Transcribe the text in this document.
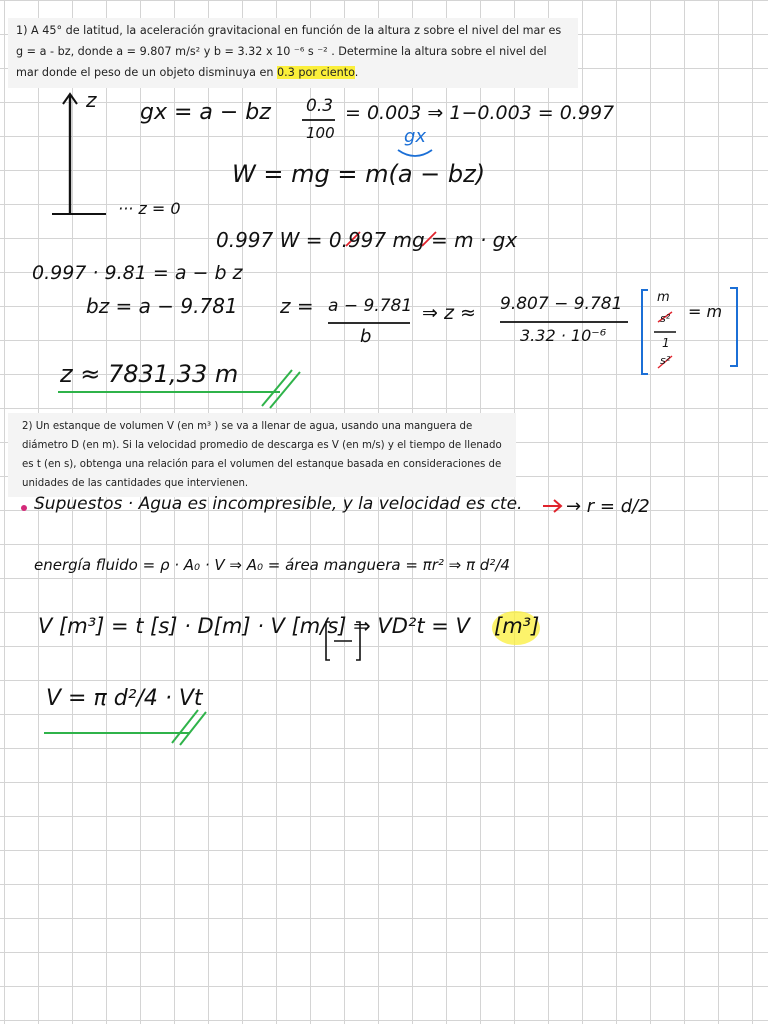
1) A 45° de latitud, la aceleración gravitacional en función de la altura z sobre el nivel del mar es g = a - bz, donde a = 9.807 m/s² y b = 3.32 x 10 ⁻⁶ s ⁻² . Determine la altura sobre el nivel del mar donde el peso de un objeto disminuya en 0.3 por ciento.
z
··· z = 0
gx = a − bz 0.3
100
= 0.003 ⇒ 1−0.003 = 0.997
gx
W = mg = m(a − bz)
0.997 W = 0.997 mg = m · gx
0.997 · 9.81 = a − b z
bz = a − 9.781 z = a − 9.781
b
⇒ z ≈ 9.807 − 9.781
3.32 · 10⁻⁶
m
s²
1
s²
= m
z ≈ 7831,33 m
2) Un estanque de volumen V (en m³ ) se va a llenar de agua, usando una manguera de diámetro D (en m). Si la velocidad promedio de descarga es V (en m/s) y el tiempo de llenado es t (en s), obtenga una relación para el volumen del estanque basada en consideraciones de unidades de las cantidades que intervienen.
Supuestos · Agua es incompresible, y la velocidad es cte. → r = d/2
energía fluido = ρ · A₀ · V ⇒ A₀ = área manguera = πr² ⇒ π d²/4
V [m³] = t [s] · D[m] · V [m/s] ⇒ VD²t = V [m³]
V = π d²/4 · Vt
